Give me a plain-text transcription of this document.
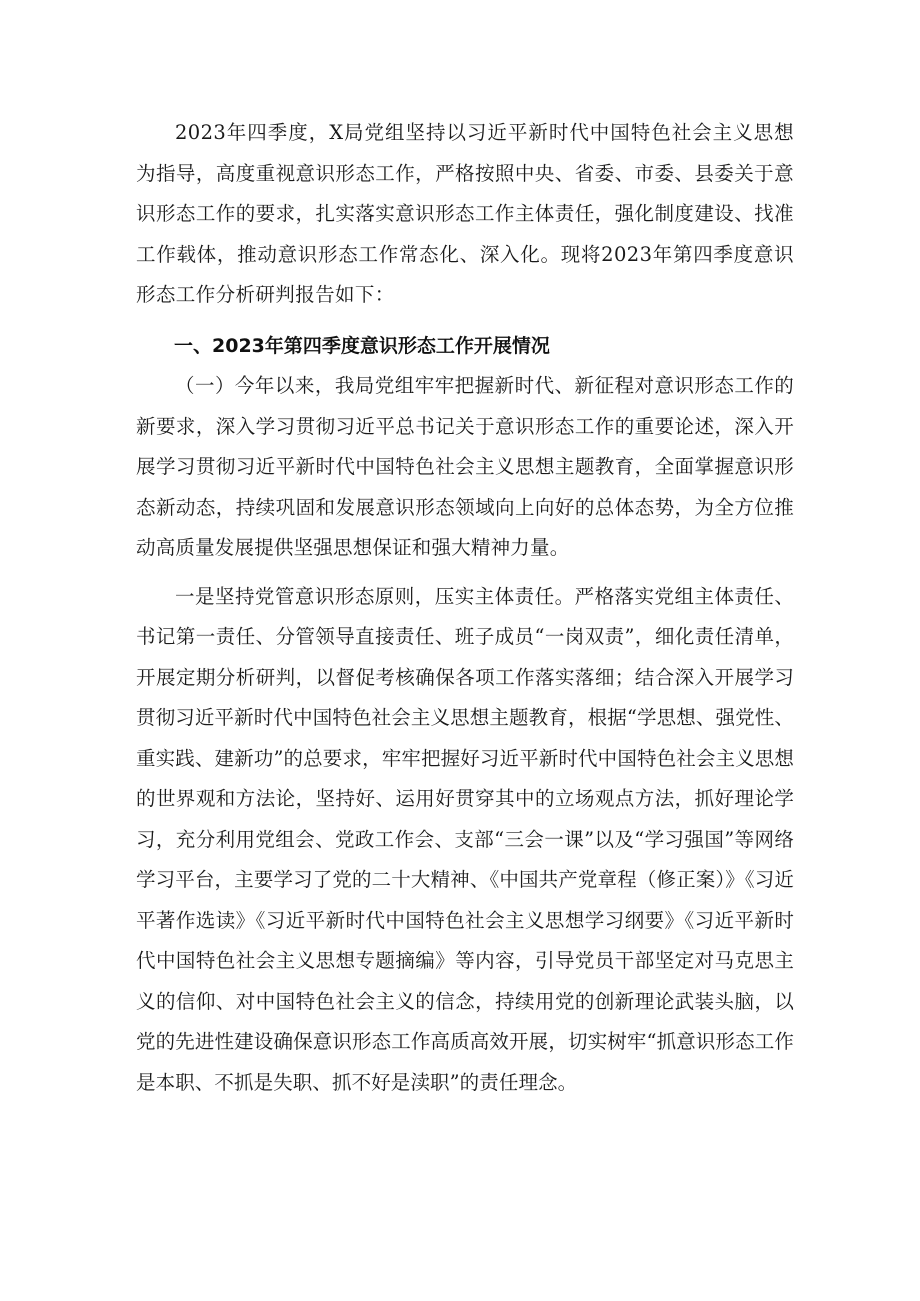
2023年四季度，X局党组坚持以习近平新时代中国特色社会主义思想为指导，高度重视意识形态工作，严格按照中央、省委、市委、县委关于意识形态工作的要求，扎实落实意识形态工作主体责任，强化制度建设、找准工作载体，推动意识形态工作常态化、深入化。现将2023年第四季度意识形态工作分析研判报告如下：

一、2023年第四季度意识形态工作开展情况

（一）今年以来，我局党组牢牢把握新时代、新征程对意识形态工作的新要求，深入学习贯彻习近平总书记关于意识形态工作的重要论述，深入开展学习贯彻习近平新时代中国特色社会主义思想主题教育，全面掌握意识形态新动态，持续巩固和发展意识形态领域向上向好的总体态势，为全方位推动高质量发展提供坚强思想保证和强大精神力量。

一是坚持党管意识形态原则，压实主体责任。严格落实党组主体责任、书记第一责任、分管领导直接责任、班子成员“一岗双责”，细化责任清单，开展定期分析研判，以督促考核确保各项工作落实落细；结合深入开展学习贯彻习近平新时代中国特色社会主义思想主题教育，根据“学思想、强党性、重实践、建新功”的总要求，牢牢把握好习近平新时代中国特色社会主义思想的世界观和方法论，坚持好、运用好贯穿其中的立场观点方法，抓好理论学习，充分利用党组会、党政工作会、支部“三会一课”以及“学习强国”等网络学习平台，主要学习了党的二十大精神、《中国共产党章程（修正案）》《习近平著作选读》《习近平新时代中国特色社会主义思想学习纲要》《习近平新时代中国特色社会主义思想专题摘编》等内容，引导党员干部坚定对马克思主义的信仰、对中国特色社会主义的信念，持续用党的创新理论武装头脑，以党的先进性建设确保意识形态工作高质高效开展，切实树牢“抓意识形态工作是本职、不抓是失职、抓不好是渎职”的责任理念。
